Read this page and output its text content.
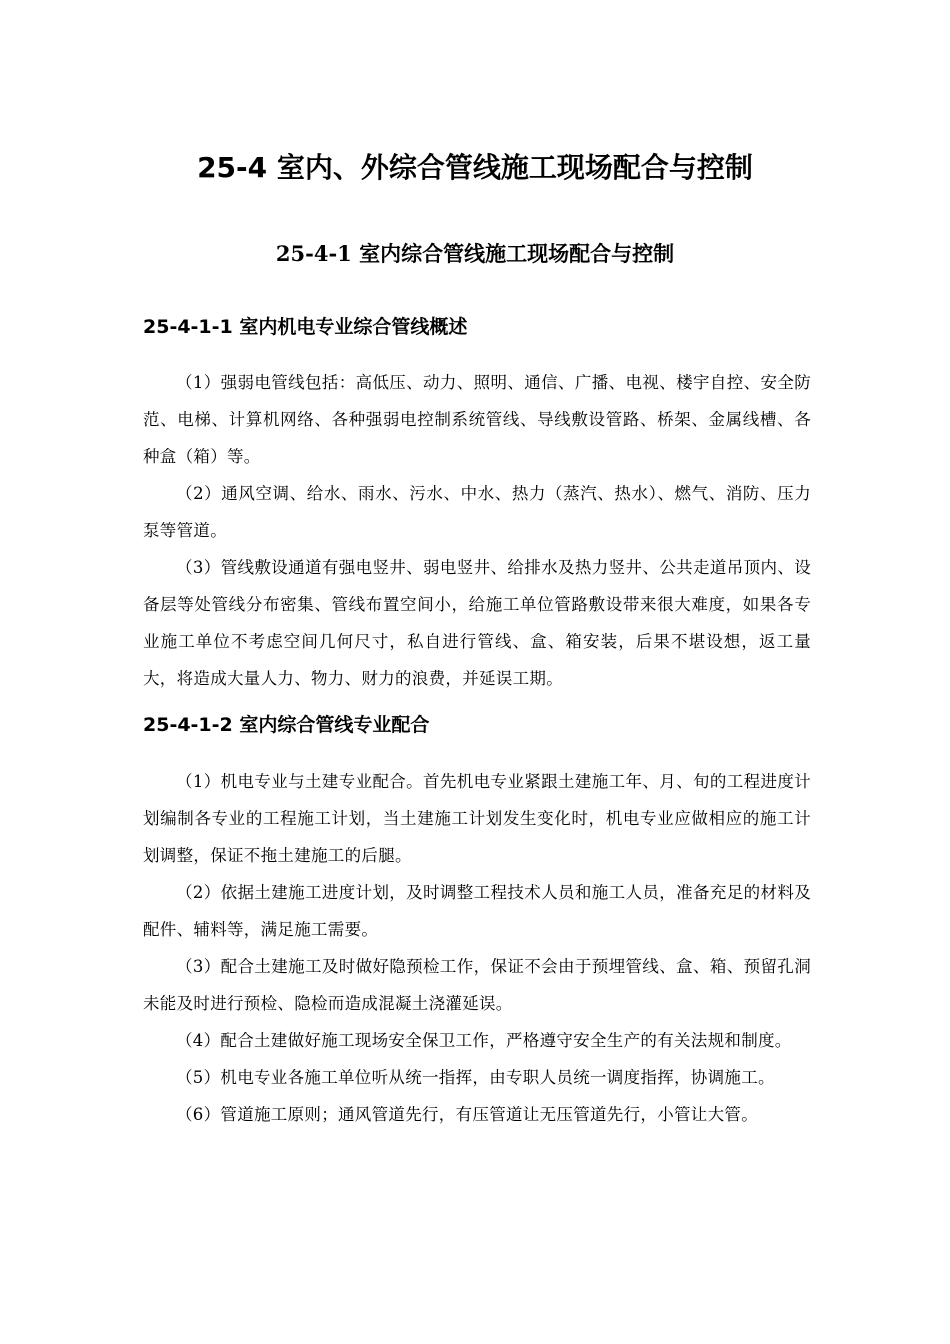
25-4 室内、外综合管线施工现场配合与控制
25-4-1 室内综合管线施工现场配合与控制
25-4-1-1 室内机电专业综合管线概述

（1）强弱电管线包括：高低压、动力、照明、通信、广播、电视、楼宇自控、安全防范、电梯、计算机网络、各种强弱电控制系统管线、导线敷设管路、桥架、金属线槽、各种盒（箱）等。

（2）通风空调、给水、雨水、污水、中水、热力（蒸汽、热水）、燃气、消防、压力泵等管道。

（3）管线敷设通道有强电竖井、弱电竖井、给排水及热力竖井、公共走道吊顶内、设备层等处管线分布密集、管线布置空间小，给施工单位管路敷设带来很大难度，如果各专业施工单位不考虑空间几何尺寸，私自进行管线、盒、箱安装，后果不堪设想，返工量大，将造成大量人力、物力、财力的浪费，并延误工期。

25-4-1-2 室内综合管线专业配合

（1）机电专业与土建专业配合。首先机电专业紧跟土建施工年、月、旬的工程进度计划编制各专业的工程施工计划，当土建施工计划发生变化时，机电专业应做相应的施工计划调整，保证不拖土建施工的后腿。

（2）依据土建施工进度计划，及时调整工程技术人员和施工人员，准备充足的材料及配件、辅料等，满足施工需要。

（3）配合土建施工及时做好隐预检工作，保证不会由于预埋管线、盒、箱、预留孔洞未能及时进行预检、隐检而造成混凝土浇灌延误。

（4）配合土建做好施工现场安全保卫工作，严格遵守安全生产的有关法规和制度。

（5）机电专业各施工单位听从统一指挥，由专职人员统一调度指挥，协调施工。

（6）管道施工原则；通风管道先行，有压管道让无压管道先行，小管让大管。
